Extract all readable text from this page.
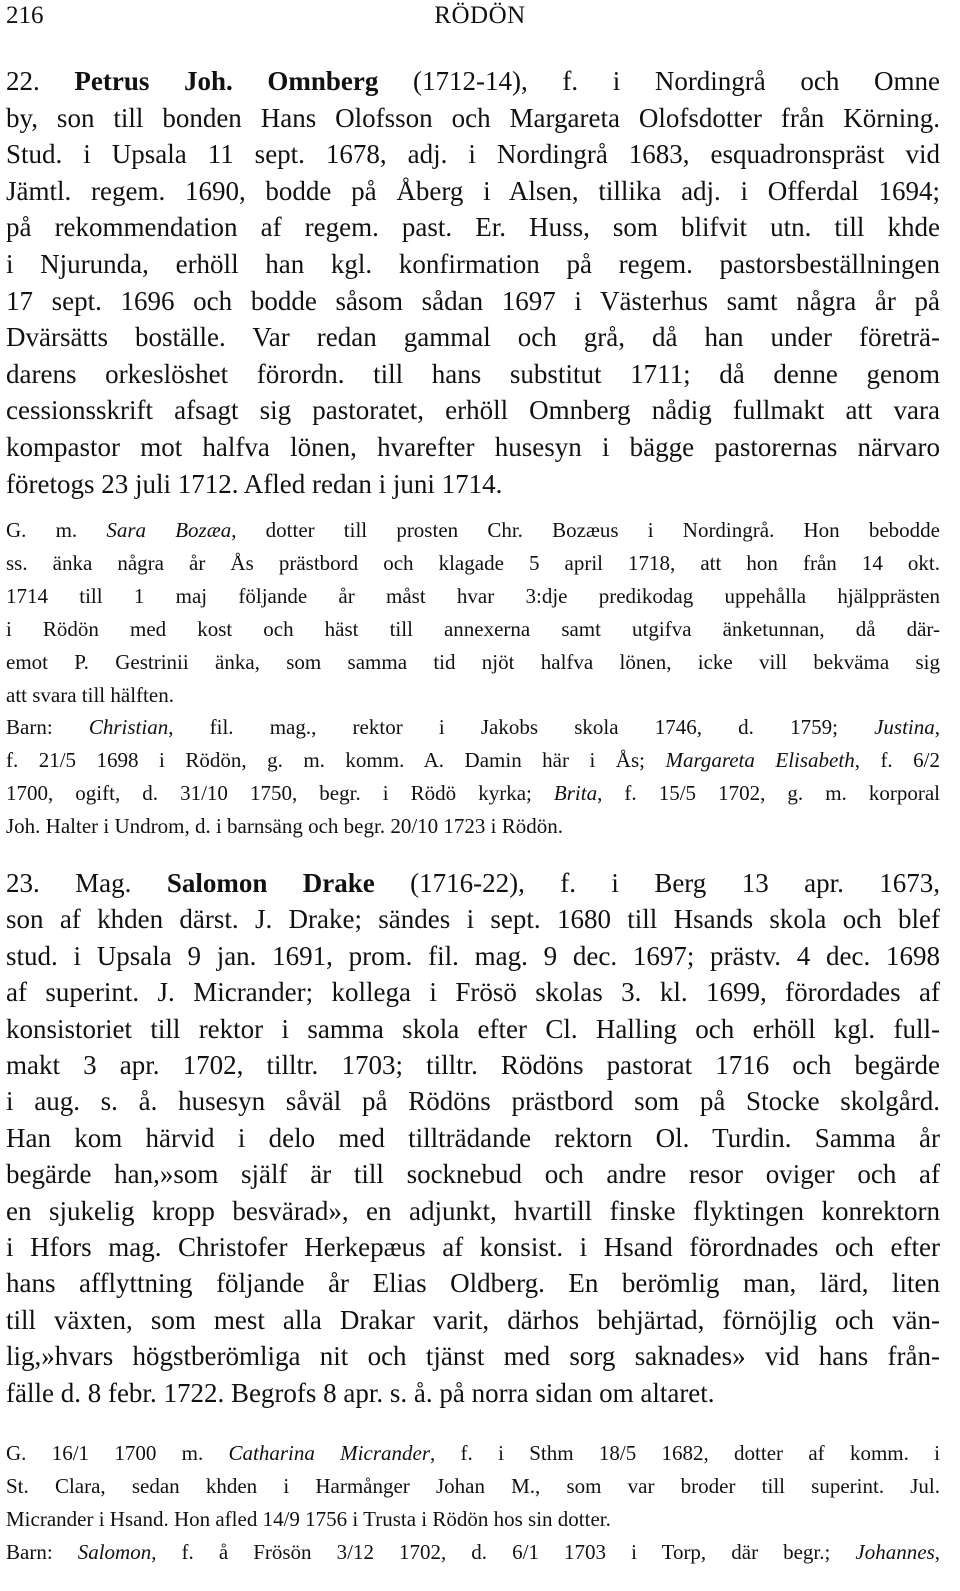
216	RÖDÖN
22. Petrus Joh. Omnberg (1712-14), f. i Nordingrå och Omne
by, son till bonden Hans Olofsson och Margareta Olofsdotter från Körning.
Stud. i Upsala 11 sept. 1678, adj. i Nordingrå 1683, esquadronspräst vid
Jämtl. regem. 1690, bodde på Åberg i Alsen, tillika adj. i Offerdal 1694;
på rekommendation af regem. past. Er. Huss, som blifvit utn. till khde
i Njurunda, erhöll han kgl. konfirmation på regem. pastorsbeställningen
17 sept. 1696 och bodde såsom sådan 1697 i Västerhus samt några år på
Dvärsätts boställe. Var redan gammal och grå, då han under företrä-
darens orkeslöshet förordn. till hans substitut 1711; då denne genom
cessionsskrift afsagt sig pastoratet, erhöll Omnberg nådig fullmakt att vara
kompastor mot halfva lönen, hvarefter husesyn i bägge pastorernas närvaro
företogs 23 juli 1712. Afled redan i juni 1714.
G. m. Sara Bozæa, dotter till prosten Chr. Bozæus i Nordingrå. Hon bebodde
ss. änka några år Ås prästbord och klagade 5 april 1718, att hon från 14 okt.
1714 till 1 maj följande år måst hvar 3:dje predikodag uppehålla hjälpprästen
i Rödön med kost och häst till annexerna samt utgifva änketunnan, då där-
emot P. Gestrinii änka, som samma tid njöt halfva lönen, icke vill bekväma sig
att svara till hälften.
Barn: Christian, fil. mag., rektor i Jakobs skola 1746, d. 1759; Justina,
f. 21/5 1698 i Rödön, g. m. komm. A. Damin här i Ås; Margareta Elisabeth, f. 6/2
1700, ogift, d. 31/10 1750, begr. i Rödö kyrka; Brita, f. 15/5 1702, g. m. korporal
Joh. Halter i Undrom, d. i barnsäng och begr. 20/10 1723 i Rödön.
23. Mag. Salomon Drake (1716-22), f. i Berg 13 apr. 1673,
son af khden därst. J. Drake; sändes i sept. 1680 till Hsands skola och blef
stud. i Upsala 9 jan. 1691, prom. fil. mag. 9 dec. 1697; prästv. 4 dec. 1698
af superint. J. Micrander; kollega i Frösö skolas 3. kl. 1699, förordades af
konsistoriet till rektor i samma skola efter Cl. Halling och erhöll kgl. full-
makt 3 apr. 1702, tilltr. 1703; tilltr. Rödöns pastorat 1716 och begärde
i aug. s. å. husesyn såväl på Rödöns prästbord som på Stocke skolgård.
Han kom härvid i delo med tillträdande rektorn Ol. Turdin. Samma år
begärde han,»som själf är till socknebud och andre resor oviger och af
en sjukelig kropp besvärad», en adjunkt, hvartill finske flyktingen konrektorn
i Hfors mag. Christofer Herkepæus af konsist. i Hsand förordnades och efter
hans afflyttning följande år Elias Oldberg. En berömlig man, lärd, liten
till växten, som mest alla Drakar varit, därhos behjärtad, förnöjlig och vän-
lig,»hvars högstberömliga nit och tjänst med sorg saknades» vid hans från-
fälle d. 8 febr. 1722. Begrofs 8 apr. s. å. på norra sidan om altaret.
G. 16/1 1700 m. Catharina Micrander, f. i Sthm 18/5 1682, dotter af komm. i
St. Clara, sedan khden i Harmånger Johan M., som var broder till superint. Jul.
Micrander i Hsand. Hon afled 14/9 1756 i Trusta i Rödön hos sin dotter.
Barn: Salomon, f. å Frösön 3/12 1702, d. 6/1 1703 i Torp, där begr.; Johannes,
